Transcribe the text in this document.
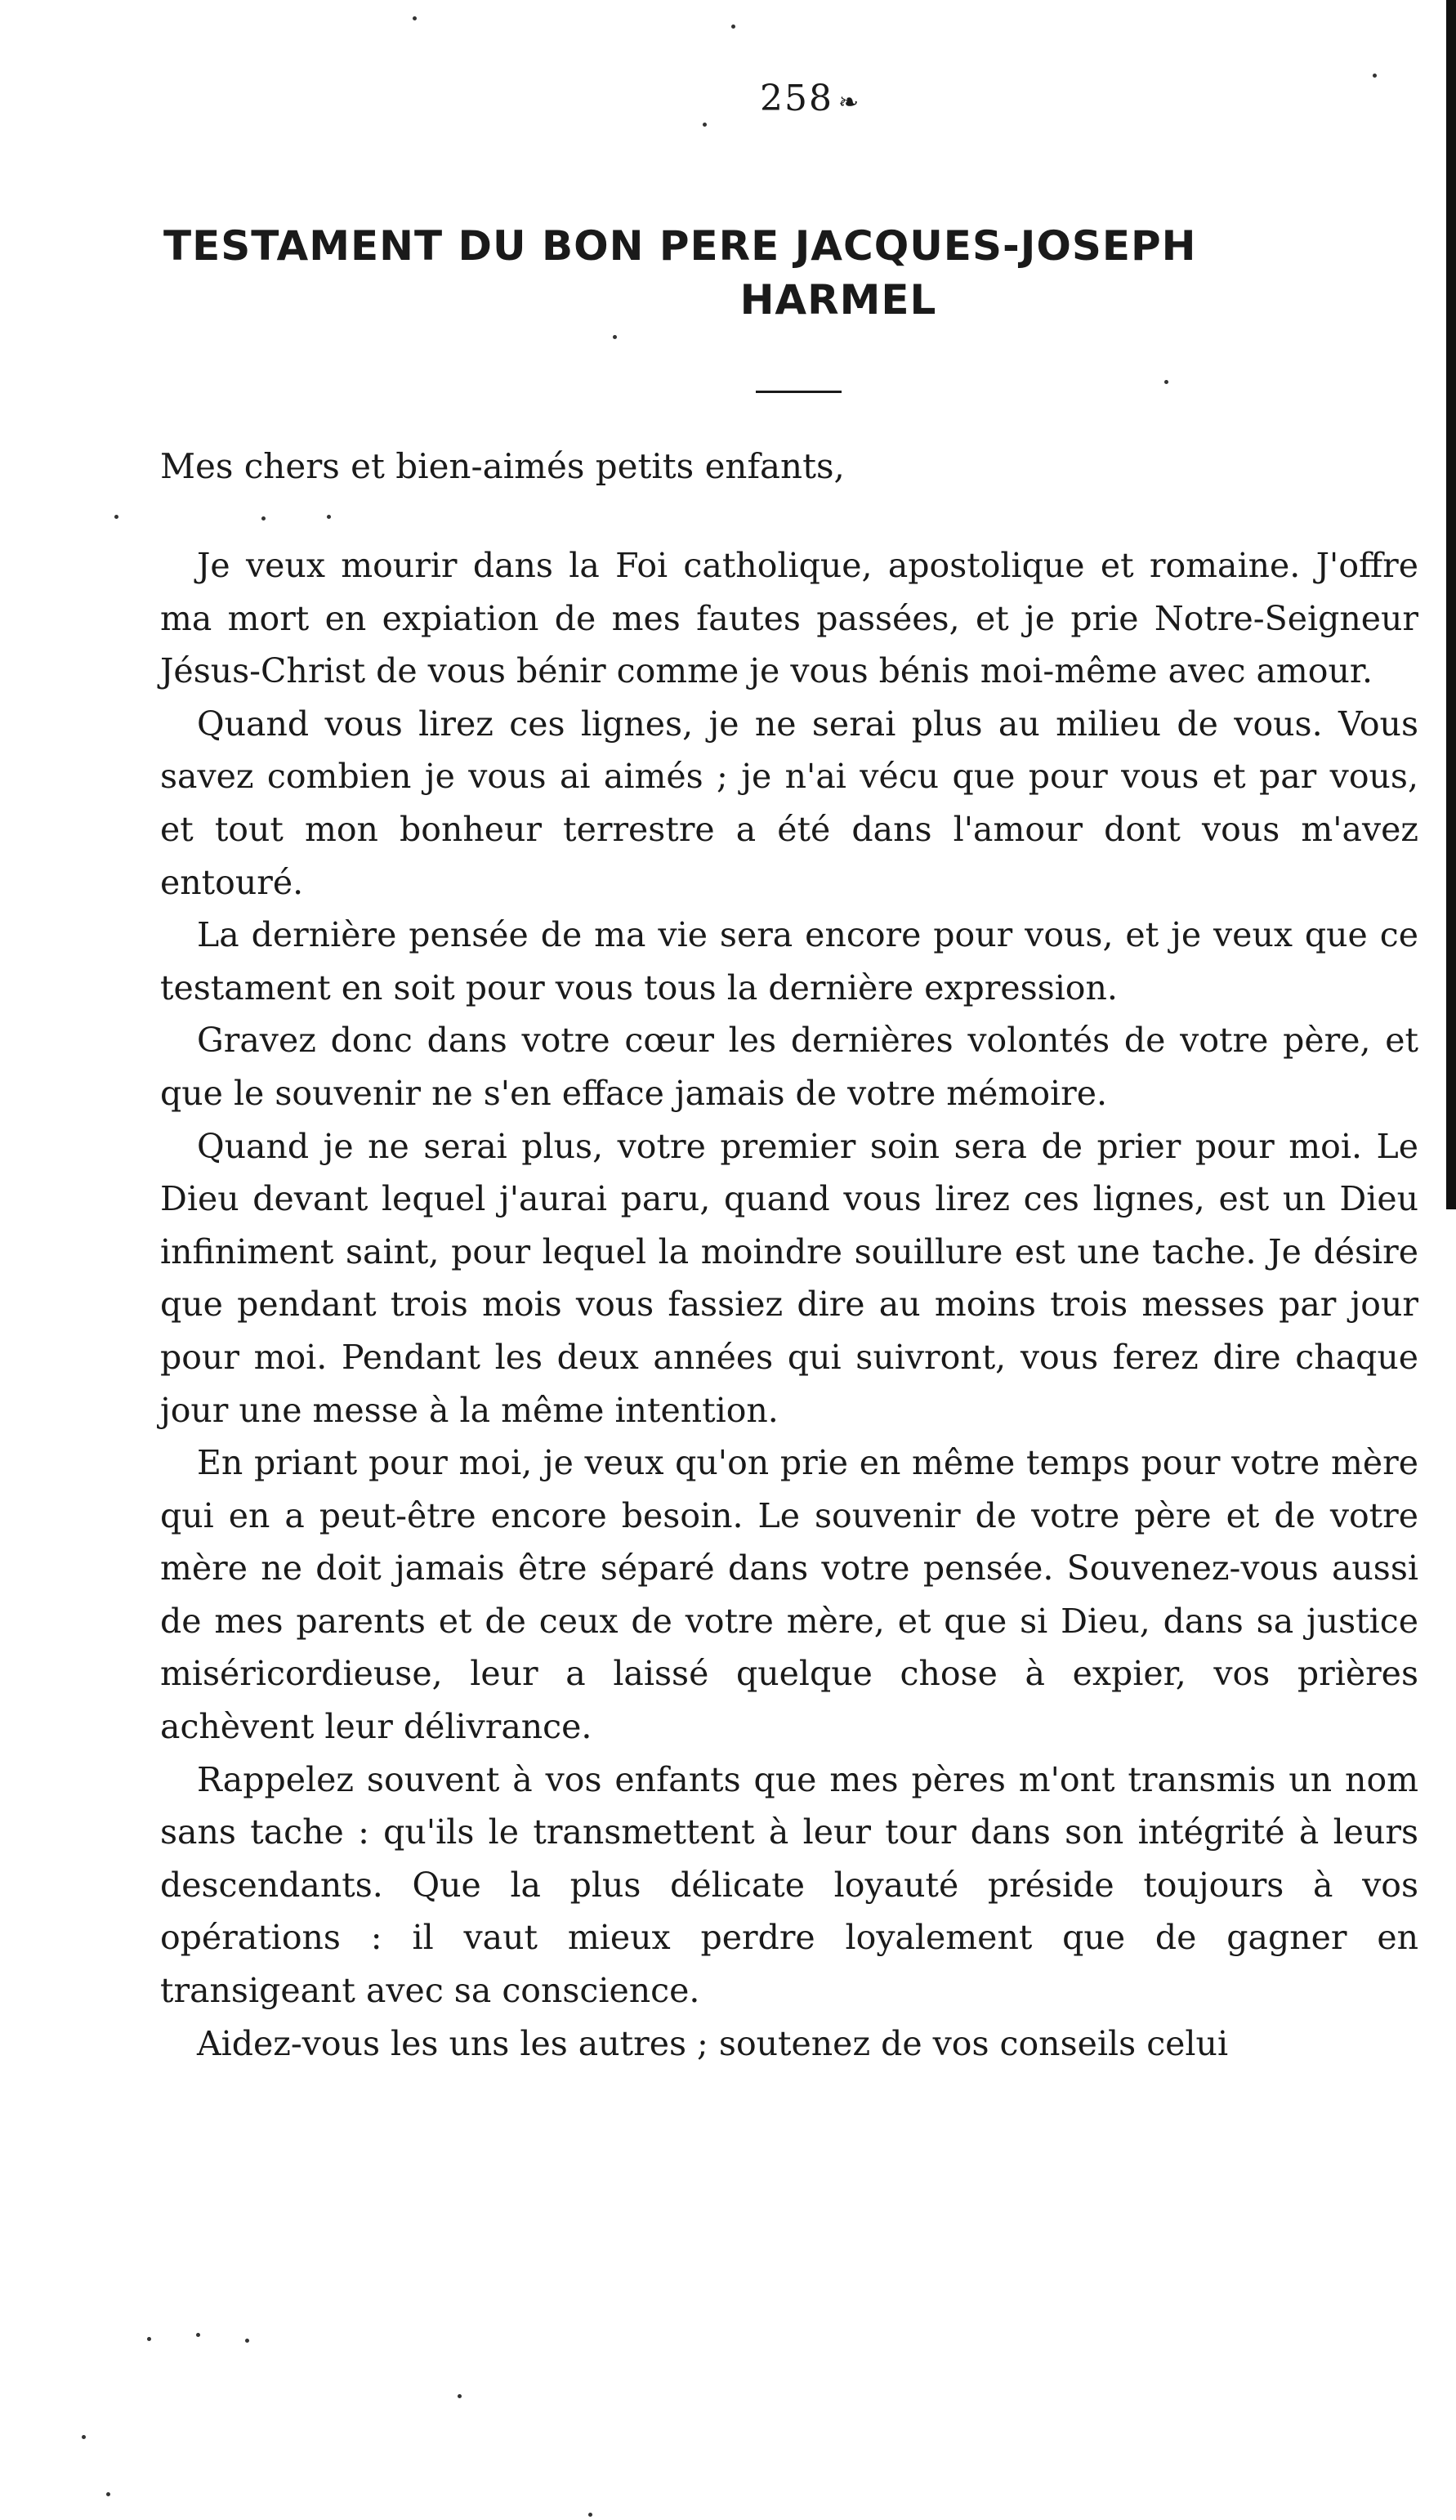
258 ❧
TESTAMENT DU BON PERE JACQUES-JOSEPH
HARMEL
Mes chers et bien-aimés petits enfants,

Je veux mourir dans la Foi catholique, apostolique et romaine. J'offre ma mort en expiation de mes fautes passées, et je prie Notre-Seigneur Jésus-Christ de vous bénir comme je vous bénis moi-même avec amour.

Quand vous lirez ces lignes, je ne serai plus au milieu de vous. Vous savez combien je vous ai aimés ; je n'ai vécu que pour vous et par vous, et tout mon bonheur terrestre a été dans l'amour dont vous m'avez entouré.

La dernière pensée de ma vie sera encore pour vous, et je veux que ce testament en soit pour vous tous la dernière expression.

Gravez donc dans votre cœur les dernières volontés de votre père, et que le souvenir ne s'en efface jamais de votre mémoire.

Quand je ne serai plus, votre premier soin sera de prier pour moi. Le Dieu devant lequel j'aurai paru, quand vous lirez ces lignes, est un Dieu infiniment saint, pour lequel la moindre souillure est une tache. Je désire que pendant trois mois vous fassiez dire au moins trois messes par jour pour moi. Pendant les deux années qui suivront, vous ferez dire chaque jour une messe à la même intention.

En priant pour moi, je veux qu'on prie en même temps pour votre mère qui en a peut-être encore besoin. Le souvenir de votre père et de votre mère ne doit jamais être séparé dans votre pensée. Souvenez-vous aussi de mes parents et de ceux de votre mère, et que si Dieu, dans sa justice miséricordieuse, leur a laissé quelque chose à expier, vos prières achèvent leur délivrance.

Rappelez souvent à vos enfants que mes pères m'ont transmis un nom sans tache : qu'ils le transmettent à leur tour dans son intégrité à leurs descendants. Que la plus délicate loyauté préside toujours à vos opérations : il vaut mieux perdre loyalement que de gagner en transigeant avec sa conscience.

Aidez-vous les uns les autres ; soutenez de vos conseils celui
